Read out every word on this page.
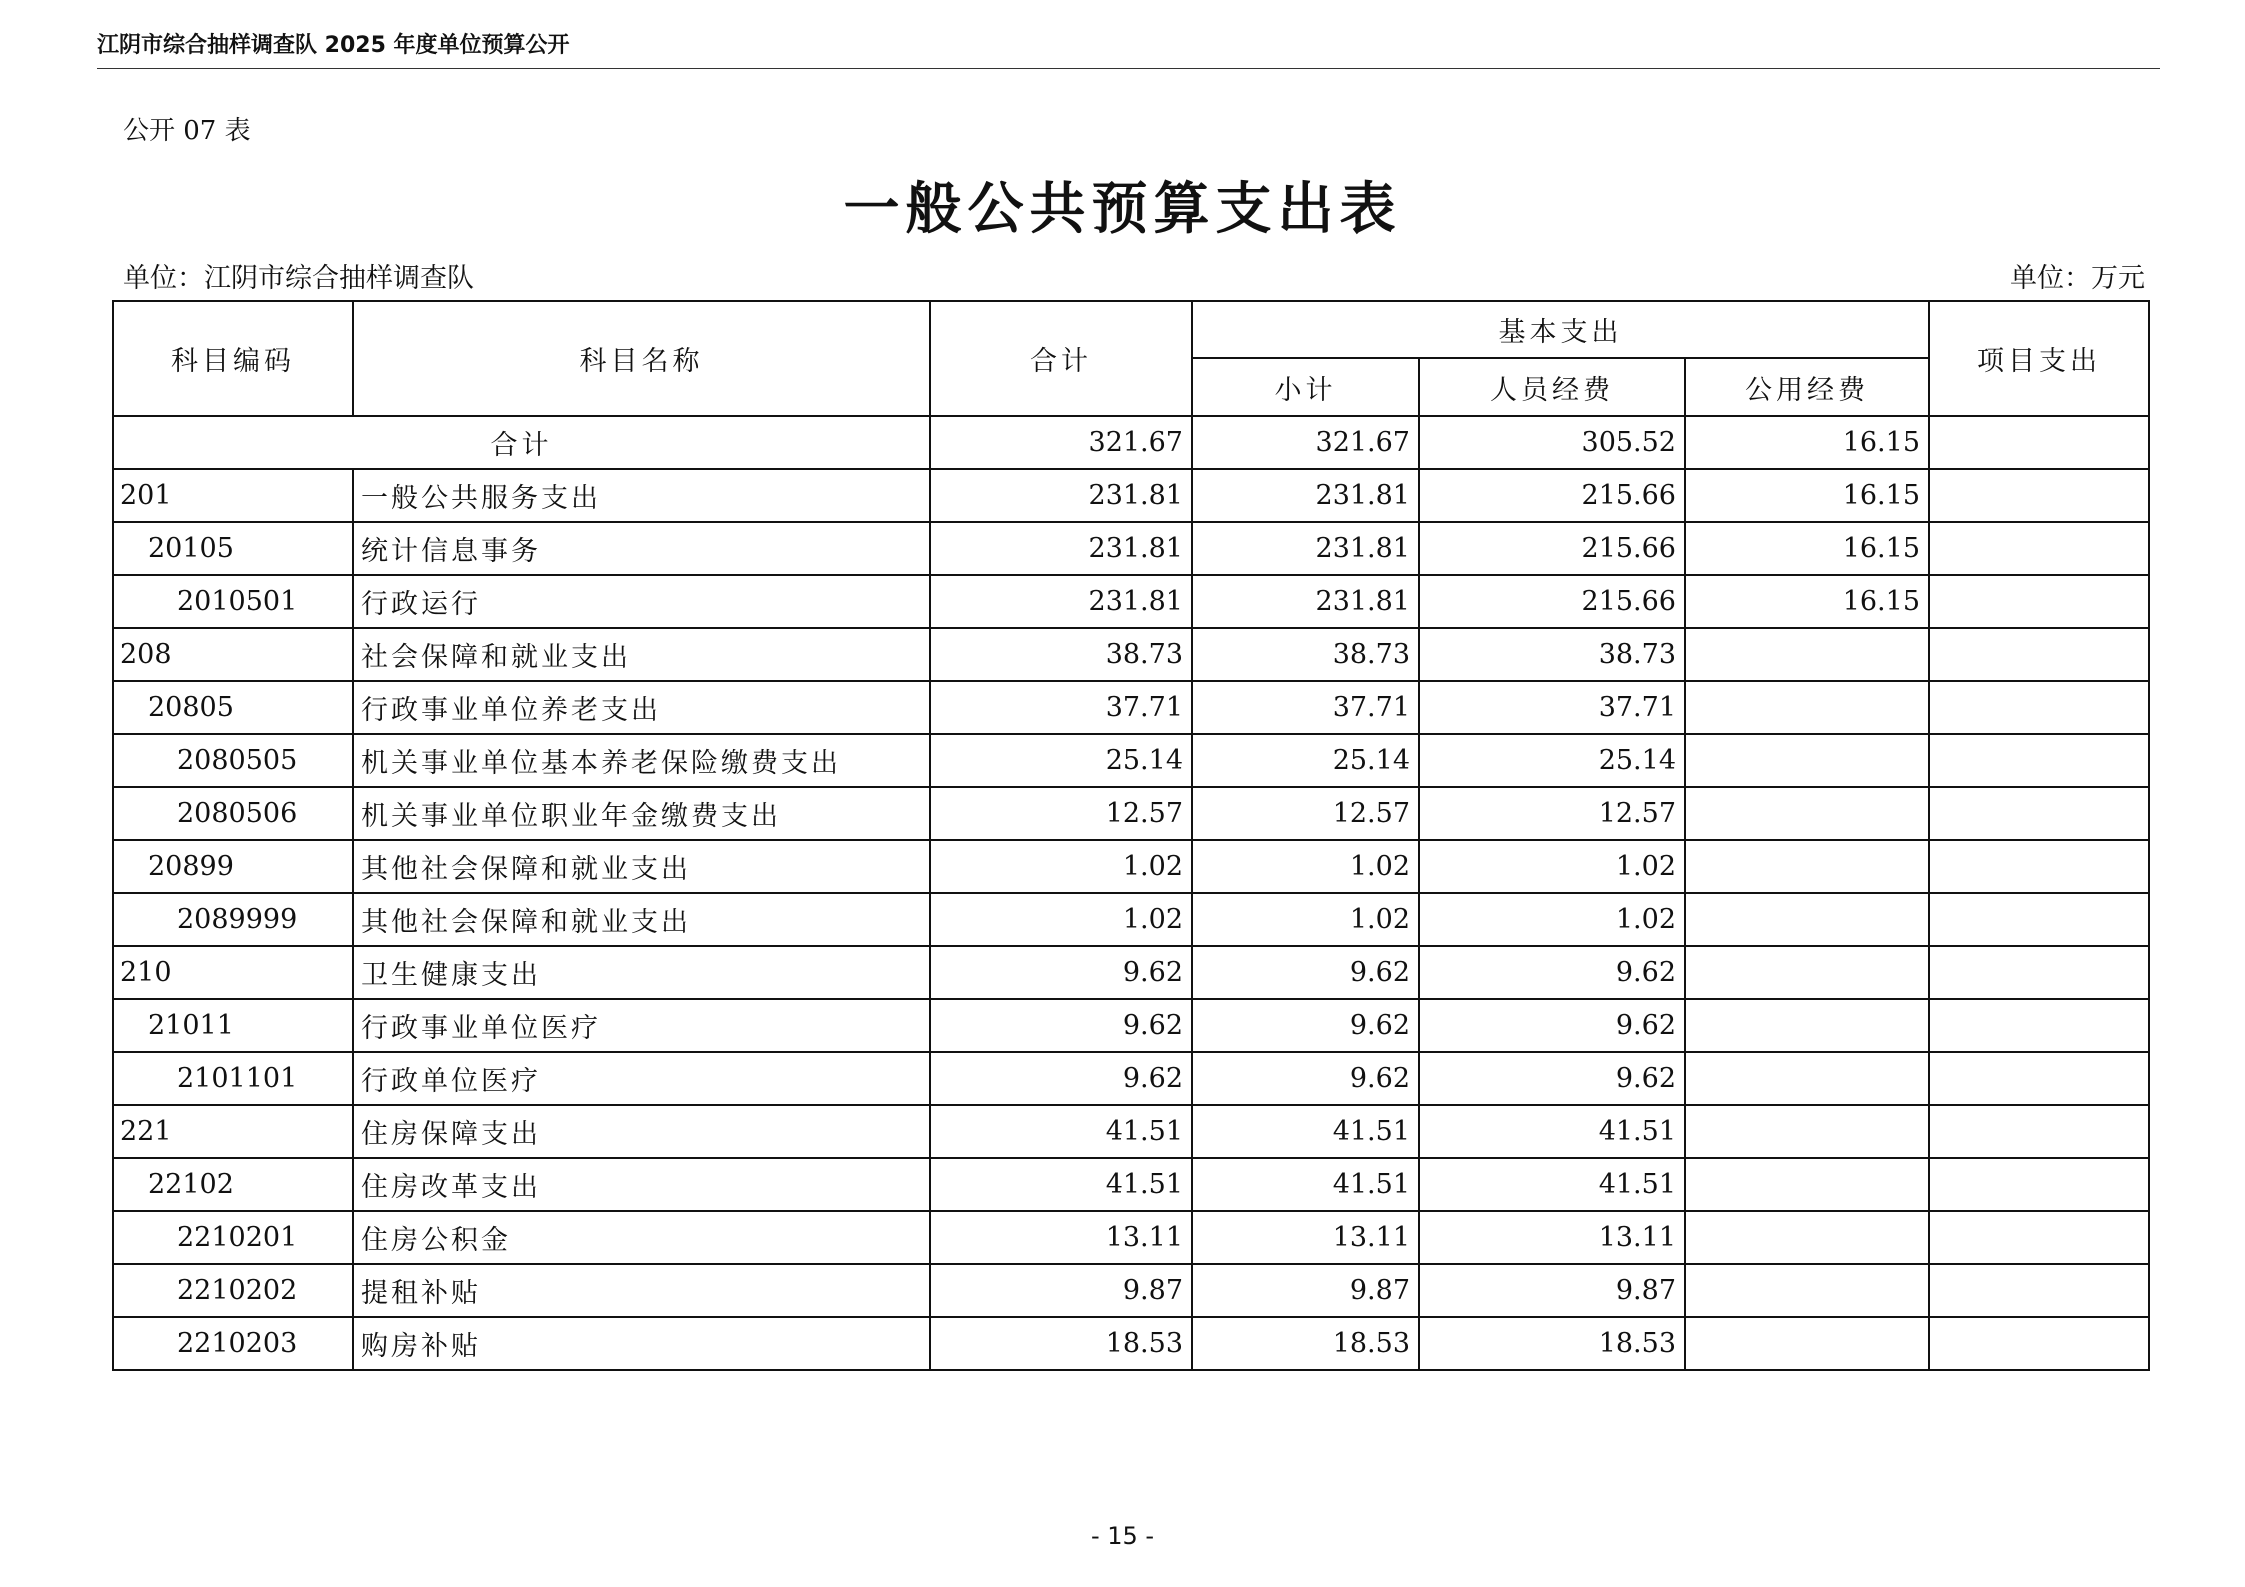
江阴市综合抽样调查队 2025 年度单位预算公开
公开 07 表
一般公共预算支出表
单位：江阴市综合抽样调查队	单位：万元
科目编码	科目名称	合计	基本支出			项目支出
			小计	人员经费	公用经费	
合计		321.67	321.67	305.52	16.15	
201	一般公共服务支出	231.81	231.81	215.66	16.15	
20105	统计信息事务	231.81	231.81	215.66	16.15	
2010501	行政运行	231.81	231.81	215.66	16.15	
208	社会保障和就业支出	38.73	38.73	38.73		
20805	行政事业单位养老支出	37.71	37.71	37.71		
2080505	机关事业单位基本养老保险缴费支出	25.14	25.14	25.14		
2080506	机关事业单位职业年金缴费支出	12.57	12.57	12.57		
20899	其他社会保障和就业支出	1.02	1.02	1.02		
2089999	其他社会保障和就业支出	1.02	1.02	1.02		
210	卫生健康支出	9.62	9.62	9.62		
21011	行政事业单位医疗	9.62	9.62	9.62		
2101101	行政单位医疗	9.62	9.62	9.62		
221	住房保障支出	41.51	41.51	41.51		
22102	住房改革支出	41.51	41.51	41.51		
2210201	住房公积金	13.11	13.11	13.11		
2210202	提租补贴	9.87	9.87	9.87		
2210203	购房补贴	18.53	18.53	18.53		
- 15 -
